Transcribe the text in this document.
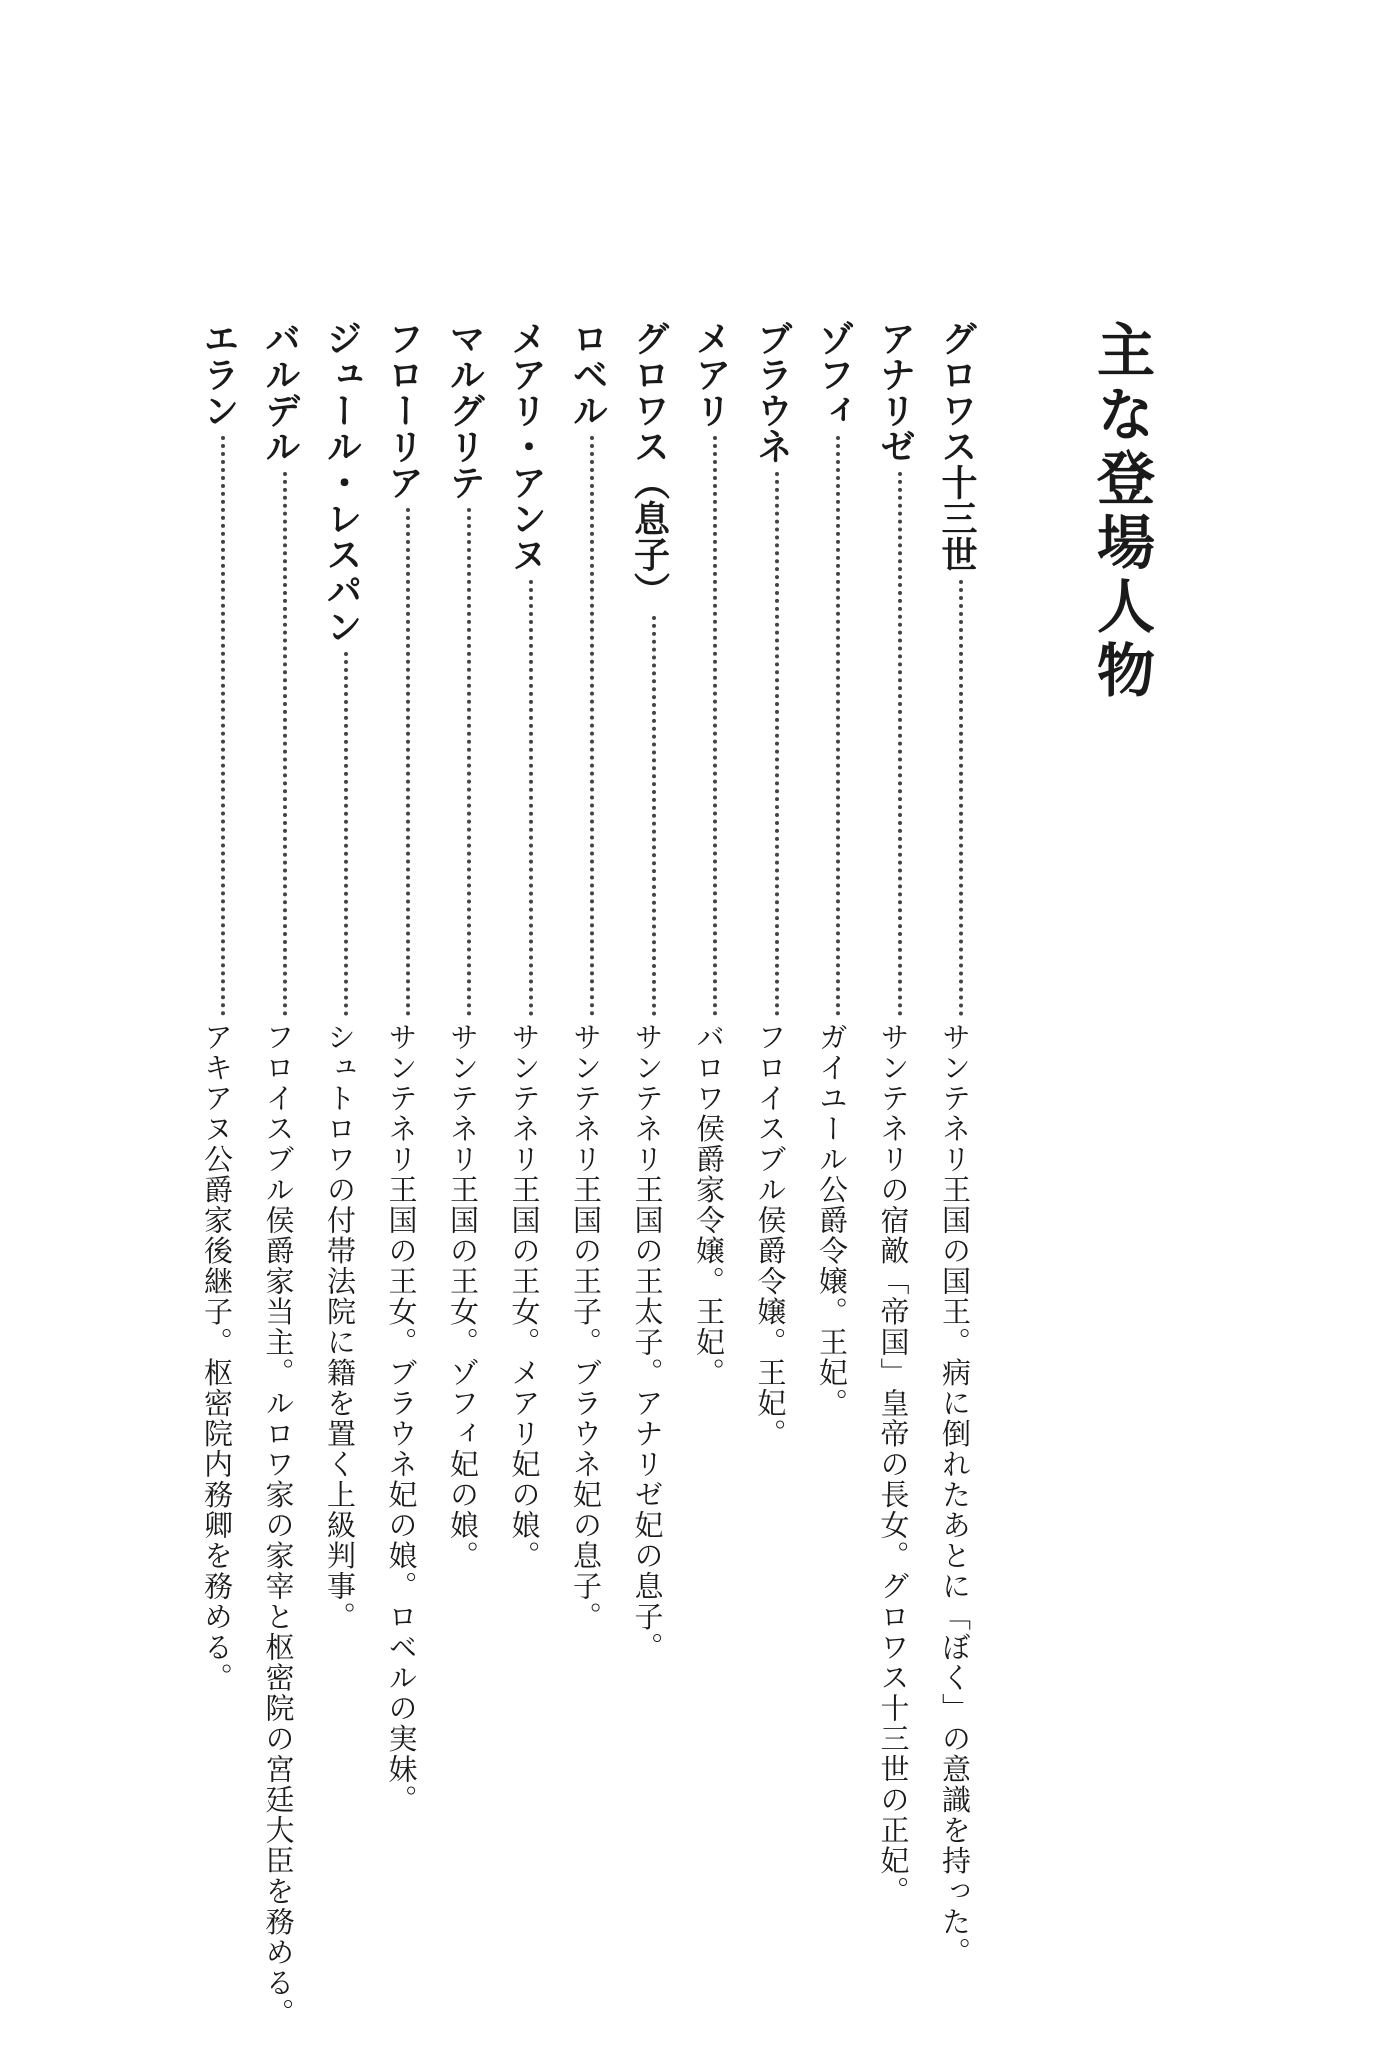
主な登場人物
グロワス十三世
サンテネリ王国の国王。病に倒れたあとに「ぼく」の意識を持った。
アナリゼ
サンテネリの宿敵「帝国」皇帝の長女。グロワス十三世の正妃。
ゾフィ
ガイユール公爵令嬢。王妃。
ブラウネ
フロイスブル侯爵令嬢。王妃。
メアリ
バロワ侯爵家令嬢。王妃。
グロワス（息子）
サンテネリ王国の王太子。アナリゼ妃の息子。
ロベル
サンテネリ王国の王子。ブラウネ妃の息子。
メアリ・アンヌ
サンテネリ王国の王女。メアリ妃の娘。
マルグリテ
サンテネリ王国の王女。ゾフィ妃の娘。
フローリア
サンテネリ王国の王女。ブラウネ妃の娘。ロベルの実妹。
ジュール・レスパン
シュトロワの付帯法院に籍を置く上級判事。
バルデル
フロイスブル侯爵家当主。ルロワ家の家宰と枢密院の宮廷大臣を務める。
エラン
アキアヌ公爵家後継子。枢密院内務卿を務める。
